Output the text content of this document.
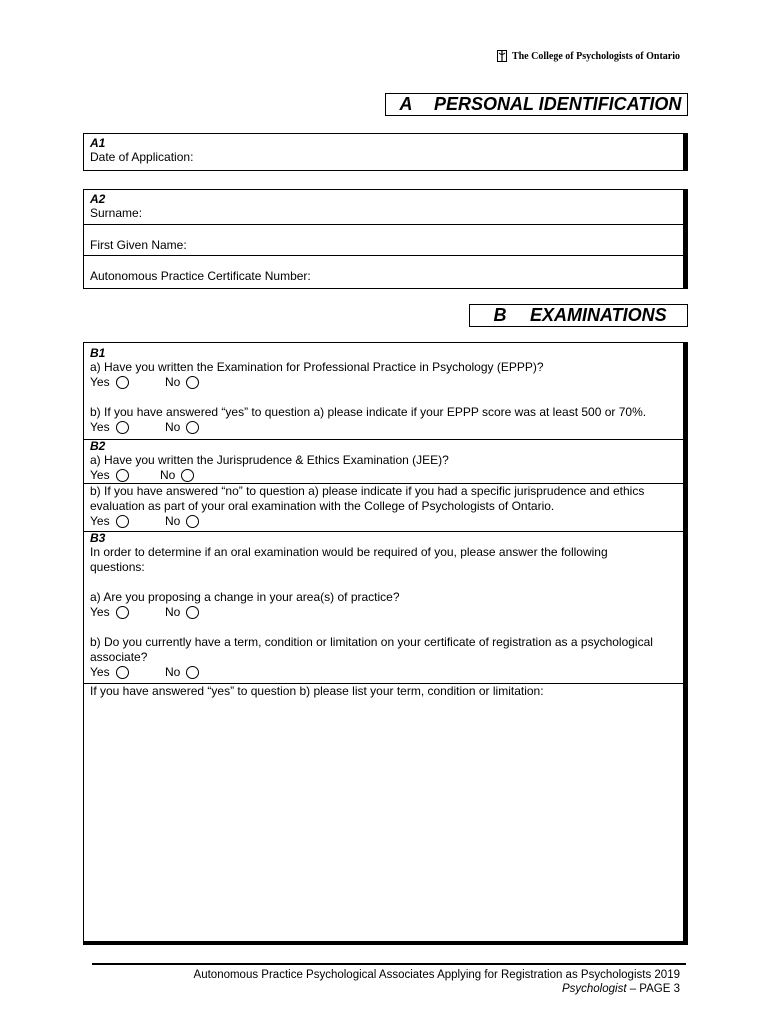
The College of Psychologists of Ontario
A	PERSONAL IDENTIFICATION
A1
Date of Application:
A2
Surname:
First Given Name:
Autonomous Practice Certificate Number:
B	EXAMINATIONS
B1
a) Have you written the Examination for Professional Practice in Psychology (EPPP)?
Yes	No
b) If you have answered “yes” to question a) please indicate if your EPPP score was at least 500 or 70%.
Yes	No
B2
a) Have you written the Jurisprudence & Ethics Examination (JEE)?
Yes	No
b) If you have answered “no” to question a) please indicate if you had a specific jurisprudence and ethics evaluation as part of your oral examination with the College of Psychologists of Ontario.
Yes	No
B3
In order to determine if an oral examination would be required of you, please answer the following questions:
a) Are you proposing a change in your area(s) of practice?
Yes	No
b) Do you currently have a term, condition or limitation on your certificate of registration as a psychological associate?
Yes	No
If you have answered “yes” to question b) please list your term, condition or limitation:
Autonomous Practice Psychological Associates Applying for Registration as Psychologists 2019
Psychologist – PAGE 3
